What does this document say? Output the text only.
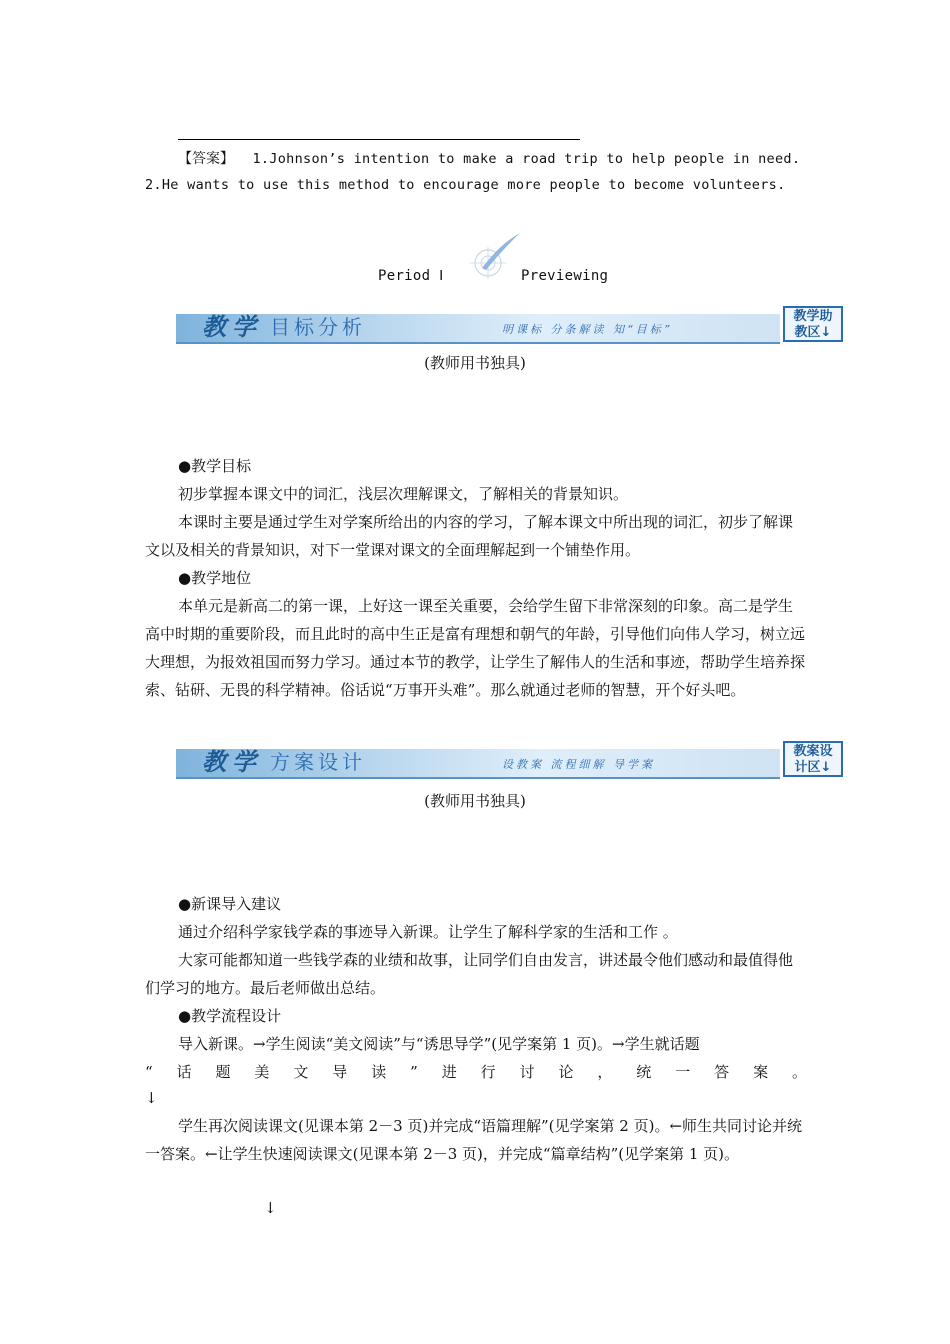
【答案】 1.Johnson’s intention to make a road trip to help people in need.
2.He wants to use this method to encourage more people to become volunteers.
Period Ⅰ	Previewing
教学 目标分析	明课标 分条解读 知“目标”
教学助
教区↓
(教师用书独具)
●教学目标
初步掌握本课文中的词汇，浅层次理解课文，了解相关的背景知识。
本课时主要是通过学生对学案所给出的内容的学习，了解本课文中所出现的词汇，初步了解课文以及相关的背景知识，对下一堂课对课文的全面理解起到一个铺垫作用。
●教学地位
本单元是新高二的第一课，上好这一课至关重要，会给学生留下非常深刻的印象。高二是学生高中时期的重要阶段，而且此时的高中生正是富有理想和朝气的年龄，引导他们向伟人学习，树立远大理想，为报效祖国而努力学习。通过本节的教学，让学生了解伟人的生活和事迹，帮助学生培养探索、钻研、无畏的科学精神。俗话说“万事开头难”。那么就通过老师的智慧，开个好头吧。
教学 方案设计	设教案 流程细解 导学案
教案设
计区↓
(教师用书独具)
●新课导入建议
通过介绍科学家钱学森的事迹导入新课。让学生了解科学家的生活和工作 。
大家可能都知道一些钱学森的业绩和故事，让同学们自由发言，讲述最令他们感动和最值得他们学习的地方。最后老师做出总结。
●教学流程设计
导入新课。→学生阅读“美文阅读”与“诱思导学”(见学案第 1 页)。→学生就话题
“ 话 题 美 文 导 读 ” 进 行 讨 论 ， 统 一 答 案 。
↓
学生再次阅读课文(见课本第 2－3 页)并完成“语篇理解”(见学案第 2 页)。←师生共同讨论并统一答案。←让学生快速阅读课文(见课本第 2－3 页)，并完成“篇章结构”(见学案第 1 页)。
↓
